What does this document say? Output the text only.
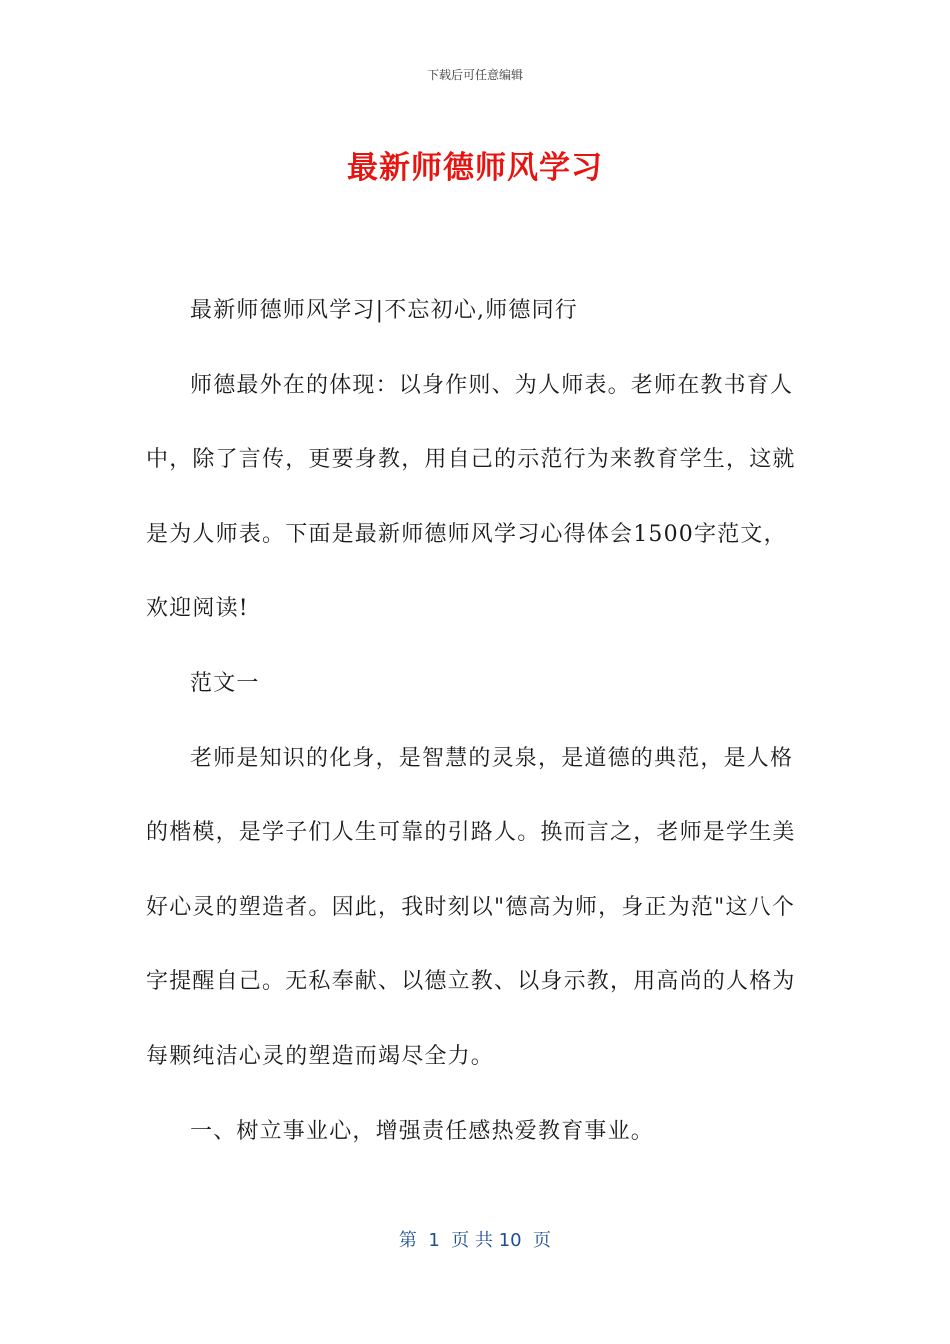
下载后可任意编辑
最新师德师风学习

最新师德师风学习|不忘初心,师德同行

师德最外在的体现：以身作则、为人师表。老师在教书育人中，除了言传，更要身教，用自己的示范行为来教育学生，这就是为人师表。下面是最新师德师风学习心得体会1500字范文，欢迎阅读!

范文一

老师是知识的化身，是智慧的灵泉，是道德的典范，是人格的楷模，是学子们人生可靠的引路人。换而言之，老师是学生美好心灵的塑造者。因此，我时刻以"德高为师，身正为范"这八个字提醒自己。无私奉献、以德立教、以身示教，用高尚的人格为每颗纯洁心灵的塑造而竭尽全力。

一、树立事业心，增强责任感热爱教育事业。

第  1  页 共 10  页
